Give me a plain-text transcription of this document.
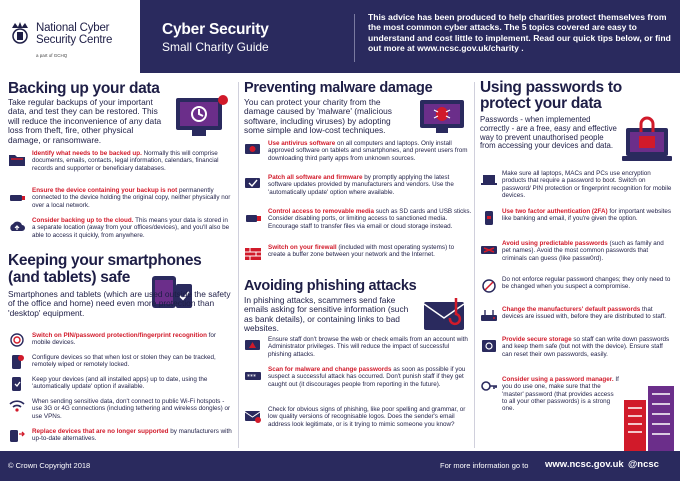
National Cyber
Security Centre
a part of GCHQ
Cyber Security
Small Charity Guide
This advice has been produced to help charities protect themselves from the most common cyber attacks. The 5 topics covered are easy to understand and cost little to implement. Read our quick tips below, or find out more at www.ncsc.gov.uk/charity .
Backing up your data
Take regular backups of your important data, and test they can be restored. This will reduce the inconvenience of any data loss from theft, fire, other physical damage, or ransomware.
Identify what needs to be backed up. Normally this will comprise documents, emails, contacts, legal information, calendars, financial records and supporter or beneficiary databases.
Ensure the device containing your backup is not permanently connected to the device holding the original copy, neither physically nor over a local network.
Consider backing up to the cloud. This means your data is stored in a separate location (away from your offices/devices), and you'll also be able to access it quickly, from anywhere.
Keeping your smartphones
(and tablets) safe
Smartphones and tablets (which are used outside the safety of the office and home) need even more protection than 'desktop' equipment.
Switch on PIN/password protection/fingerprint recognition for mobile devices.
Configure devices so that when lost or stolen they can be tracked, remotely wiped or remotely locked.
Keep your devices (and all installed apps) up to date, using the 'automatically update' option if available.
When sending sensitive data, don't connect to public Wi-Fi hotspots - use 3G or 4G connections (including tethering and wireless dongles) or use VPNs.
Replace devices that are no longer supported by manufacturers with up-to-date alternatives.
Preventing malware damage
You can protect your charity from the damage caused by 'malware' (malicious software, including viruses) by adopting some simple and low-cost techniques.
Use antivirus software on all computers and laptops. Only install approved software on tablets and smartphones, and prevent users from downloading third party apps from unknown sources.
Patch all software and firmware by promptly applying the latest software updates provided by manufacturers and vendors. Use the 'automatically update' option where available.
Control access to removable media such as SD cards and USB sticks. Consider disabling ports, or limiting access to sanctioned media. Encourage staff to transfer files via email or cloud storage instead.
Switch on your firewall (included with most operating systems) to create a buffer zone between your network and the Internet.
Avoiding phishing attacks
In phishing attacks, scammers send fake emails asking for sensitive information (such as bank details), or containing links to bad websites.
Ensure staff don't browse the web or check emails from an account with Administrator privileges. This will reduce the impact of successful phishing attacks.
***
Scan for malware and change passwords as soon as possible if you suspect a successful attack has occurred. Don't punish staff if they get caught out (it discourages people from reporting in the future).
Check for obvious signs of phishing, like poor spelling and grammar, or low quality versions of recognisable logos. Does the sender's email address look legitimate, or is it trying to mimic someone you know?
Using passwords to
protect your data
Passwords - when implemented correctly - are a free, easy and effective way to prevent unauthorised people from accessing your devices and data.
Make sure all laptops, MACs and PCs use encryption products that require a password to boot. Switch on password/ PIN protection or fingerprint recognition for mobile devices.
Use two factor authentication (2FA) for important websites like banking and email, if you're given the option.
Avoid using predictable passwords (such as family and pet names). Avoid the most common passwords that criminals can guess (like passw0rd).
Do not enforce regular password changes; they only need to be changed when you suspect a compromise.
Change the manufacturers' default passwords that devices are issued with, before they are distributed to staff.
Provide secure storage so staff can write down passwords and keep them safe (but not with the device). Ensure staff can reset their own passwords, easily.
Consider using a password manager. If you do use one, make sure that the 'master' password (that provides access to all your other passwords) is a strong one.
© Crown Copyright 2018	For more information go to www.ncsc.gov.uk @ncsc
